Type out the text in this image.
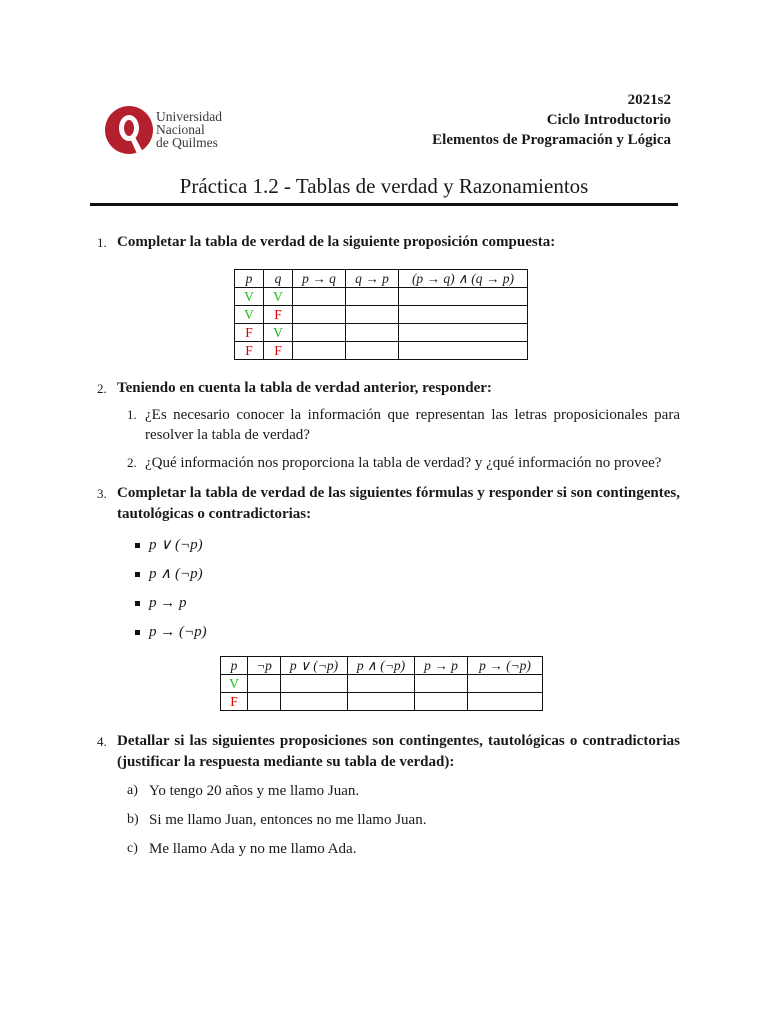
Universidad
Nacional
de Quilmes
2021s2
Ciclo Introductorio
Elementos de Programación y Lógica
Práctica 1.2 - Tablas de verdad y Razonamientos
1. Completar la tabla de verdad de la siguiente proposición compuesta:
p	q	p → q	q → p	(p → q) ∧ (q → p)
V	V			
V	F			
F	V			
F	F			
2. Teniendo en cuenta la tabla de verdad anterior, responder:
1. ¿Es necesario conocer la información que representan las letras proposicionales para resolver la tabla de verdad?
2. ¿Qué información nos proporciona la tabla de verdad? y ¿qué información no provee?
3. Completar la tabla de verdad de las siguientes fórmulas y responder si son contingentes, tautológicas o contradictorias:
p ∨ (¬p)
p ∧ (¬p)
p → p
p → (¬p)
p	¬p	p ∨ (¬p)	p ∧ (¬p)	p → p	p → (¬p)
V					
F					
4. Detallar si las siguientes proposiciones son contingentes, tautológicas o contradictorias (justificar la respuesta mediante su tabla de verdad):
a) Yo tengo 20 años y me llamo Juan.
b) Si me llamo Juan, entonces no me llamo Juan.
c) Me llamo Ada y no me llamo Ada.
